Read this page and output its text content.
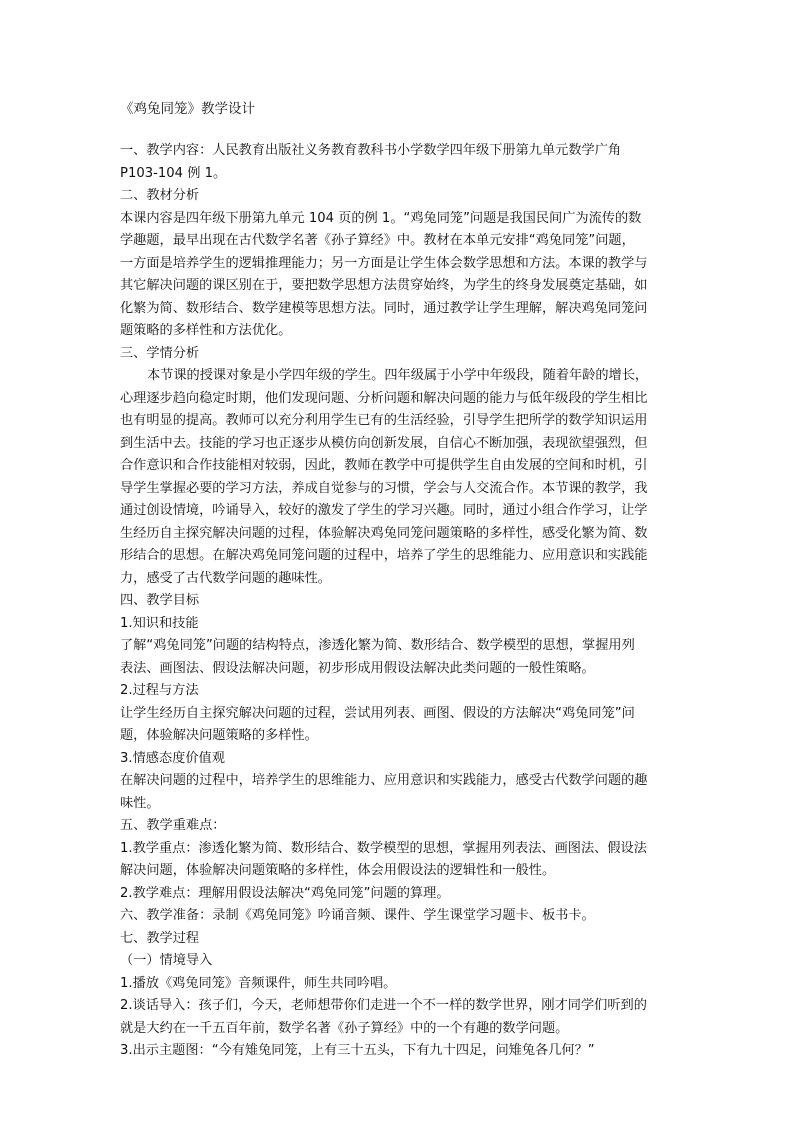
《鸡兔同笼》教学设计
一、教学内容：人民教育出版社义务教育教科书小学数学四年级下册第九单元数学广角
P103-104 例 1。
二、教材分析
本课内容是四年级下册第九单元 104 页的例 1。“鸡兔同笼”问题是我国民间广为流传的数
学趣题，最早出现在古代数学名著《孙子算经》中。教材在本单元安排“鸡兔同笼”问题，
一方面是培养学生的逻辑推理能力；另一方面是让学生体会数学思想和方法。本课的教学与
其它解决问题的课区别在于，要把数学思想方法贯穿始终，为学生的终身发展奠定基础，如
化繁为简、数形结合、数学建模等思想方法。同时，通过教学让学生理解，解决鸡兔同笼问
题策略的多样性和方法优化。
三、学情分析
本节课的授课对象是小学四年级的学生。四年级属于小学中年级段，随着年龄的增长，
心理逐步趋向稳定时期，他们发现问题、分析问题和解决问题的能力与低年级段的学生相比
也有明显的提高。教师可以充分利用学生已有的生活经验，引导学生把所学的数学知识运用
到生活中去。技能的学习也正逐步从模仿向创新发展，自信心不断加强，表现欲望强烈，但
合作意识和合作技能相对较弱，因此，教师在教学中可提供学生自由发展的空间和时机，引
导学生掌握必要的学习方法，养成自觉参与的习惯，学会与人交流合作。本节课的教学，我
通过创设情境，吟诵导入，较好的激发了学生的学习兴趣。同时，通过小组合作学习，让学
生经历自主探究解决问题的过程，体验解决鸡兔同笼问题策略的多样性，感受化繁为简、数
形结合的思想。在解决鸡兔同笼问题的过程中，培养了学生的思维能力、应用意识和实践能
力，感受了古代数学问题的趣味性。
四、教学目标
1.知识和技能
了解“鸡兔同笼”问题的结构特点，渗透化繁为简、数形结合、数学模型的思想，掌握用列
表法、画图法、假设法解决问题，初步形成用假设法解决此类问题的一般性策略。
2.过程与方法
让学生经历自主探究解决问题的过程，尝试用列表、画图、假设的方法解决“鸡兔同笼”问
题，体验解决问题策略的多样性。
3.情感态度价值观
在解决问题的过程中，培养学生的思维能力、应用意识和实践能力，感受古代数学问题的趣
味性。
五、教学重难点：
1.教学重点：渗透化繁为简、数形结合、数学模型的思想，掌握用列表法、画图法、假设法
解决问题，体验解决问题策略的多样性，体会用假设法的逻辑性和一般性。
2.教学难点：理解用假设法解决“鸡兔同笼”问题的算理。
六、教学准备：录制《鸡兔同笼》吟诵音频、课件、学生课堂学习题卡、板书卡。
七、教学过程
（一）情境导入
1.播放《鸡兔同笼》音频课件，师生共同吟唱。
2.谈话导入：孩子们，今天，老师想带你们走进一个不一样的数学世界，刚才同学们听到的
就是大约在一千五百年前，数学名著《孙子算经》中的一个有趣的数学问题。
3.出示主题图：“今有雉兔同笼，上有三十五头，下有九十四足，问雉兔各几何？”
